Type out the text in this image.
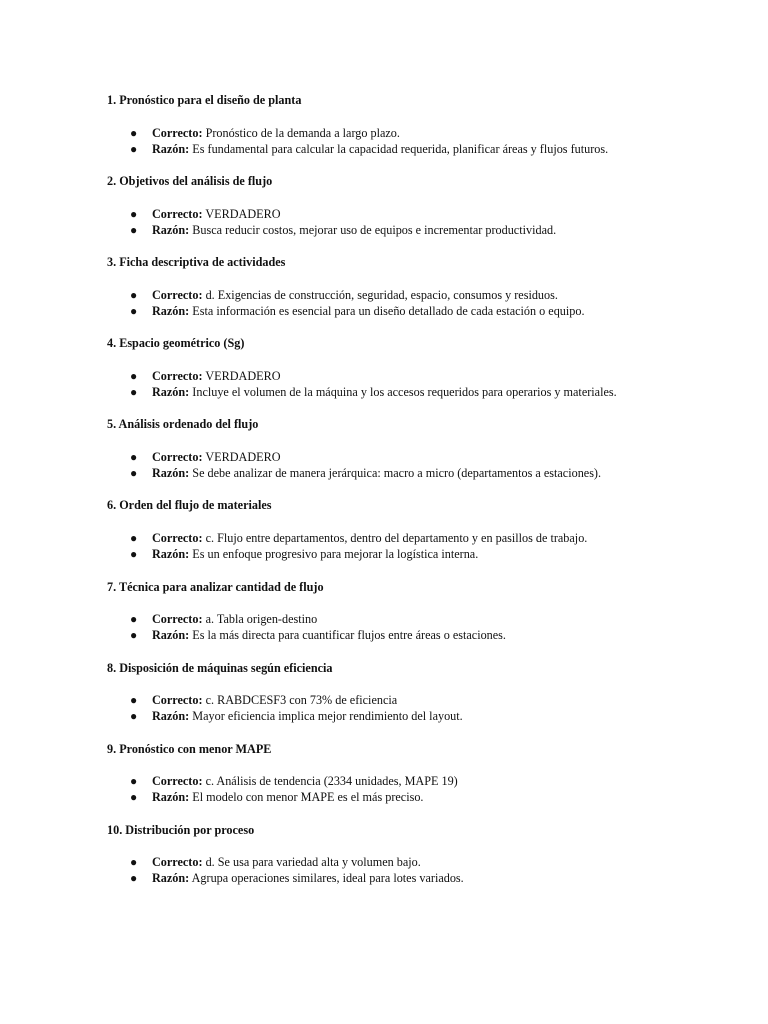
1. Pronóstico para el diseño de planta

● Correcto: Pronóstico de la demanda a largo plazo.
● Razón: Es fundamental para calcular la capacidad requerida, planificar áreas y flujos futuros.

2. Objetivos del análisis de flujo

● Correcto: VERDADERO
● Razón: Busca reducir costos, mejorar uso de equipos e incrementar productividad.

3. Ficha descriptiva de actividades

● Correcto: d. Exigencias de construcción, seguridad, espacio, consumos y residuos.
● Razón: Esta información es esencial para un diseño detallado de cada estación o equipo.

4. Espacio geométrico (Sg)

● Correcto: VERDADERO
● Razón: Incluye el volumen de la máquina y los accesos requeridos para operarios y materiales.

5. Análisis ordenado del flujo

● Correcto: VERDADERO
● Razón: Se debe analizar de manera jerárquica: macro a micro (departamentos a estaciones).

6. Orden del flujo de materiales

● Correcto: c. Flujo entre departamentos, dentro del departamento y en pasillos de trabajo.
● Razón: Es un enfoque progresivo para mejorar la logística interna.

7. Técnica para analizar cantidad de flujo

● Correcto: a. Tabla origen-destino
● Razón: Es la más directa para cuantificar flujos entre áreas o estaciones.

8. Disposición de máquinas según eficiencia

● Correcto: c. RABDCESF3 con 73% de eficiencia
● Razón: Mayor eficiencia implica mejor rendimiento del layout.

9. Pronóstico con menor MAPE

● Correcto: c. Análisis de tendencia (2334 unidades, MAPE 19)
● Razón: El modelo con menor MAPE es el más preciso.

10. Distribución por proceso

● Correcto: d. Se usa para variedad alta y volumen bajo.
● Razón: Agrupa operaciones similares, ideal para lotes variados.
